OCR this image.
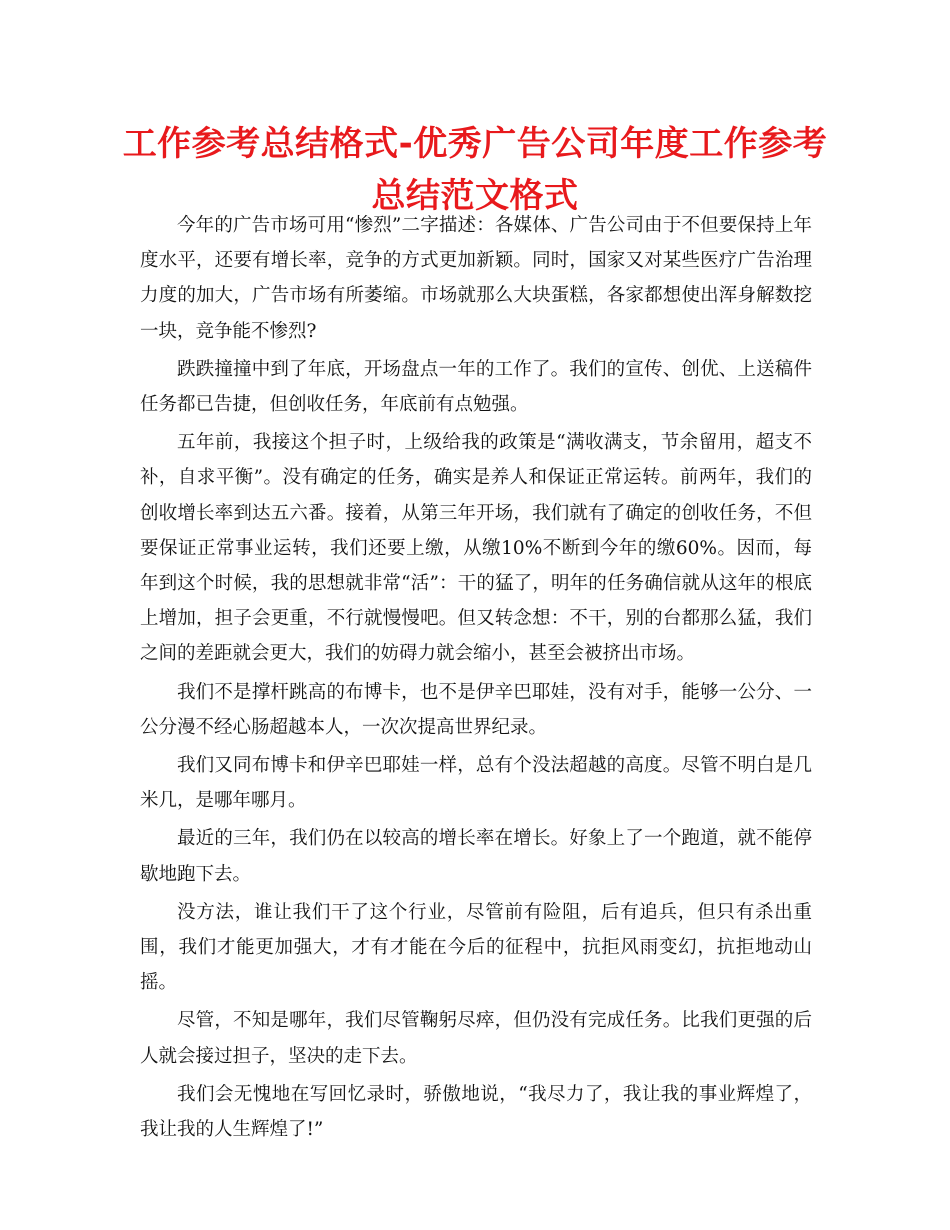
工作参考总结格式-优秀广告公司年度工作参考总结范文格式

今年的广告市场可用“惨烈”二字描述：各媒体、广告公司由于不但要保持上年度水平，还要有增长率，竞争的方式更加新颖。同时，国家又对某些医疗广告治理力度的加大，广告市场有所萎缩。市场就那么大块蛋糕，各家都想使出浑身解数挖一块，竞争能不惨烈?

跌跌撞撞中到了年底，开场盘点一年的工作了。我们的宣传、创优、上送稿件任务都已告捷，但创收任务，年底前有点勉强。

五年前，我接这个担子时，上级给我的政策是“满收满支，节余留用，超支不补，自求平衡”。没有确定的任务，确实是养人和保证正常运转。前两年，我们的创收增长率到达五六番。接着，从第三年开场，我们就有了确定的创收任务，不但要保证正常事业运转，我们还要上缴，从缴10%不断到今年的缴60%。因而，每年到这个时候，我的思想就非常“活”：干的猛了，明年的任务确信就从这年的根底上增加，担子会更重，不行就慢慢吧。但又转念想：不干，别的台都那么猛，我们之间的差距就会更大，我们的妨碍力就会缩小，甚至会被挤出市场。

我们不是撑杆跳高的布博卡，也不是伊辛巴耶娃，没有对手，能够一公分、一公分漫不经心肠超越本人，一次次提高世界纪录。

我们又同布博卡和伊辛巴耶娃一样，总有个没法超越的高度。尽管不明白是几米几，是哪年哪月。

最近的三年，我们仍在以较高的增长率在增长。好象上了一个跑道，就不能停歇地跑下去。

没方法，谁让我们干了这个行业，尽管前有险阻，后有追兵，但只有杀出重围，我们才能更加强大，才有才能在今后的征程中，抗拒风雨变幻，抗拒地动山摇。

尽管，不知是哪年，我们尽管鞠躬尽瘁，但仍没有完成任务。比我们更强的后人就会接过担子，坚决的走下去。

我们会无愧地在写回忆录时，骄傲地说，“我尽力了，我让我的事业辉煌了，我让我的人生辉煌了!”
